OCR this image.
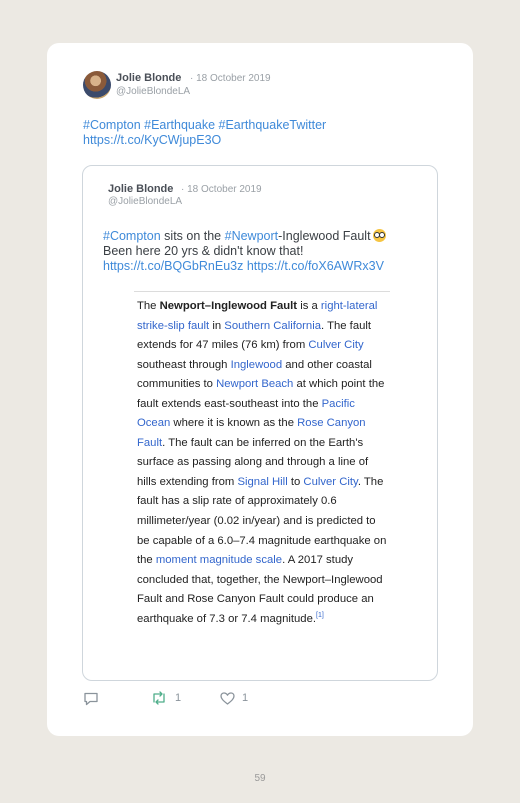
Jolie Blonde · 18 October 2019
@JolieBlondeLA
#Compton #Earthquake #EarthquakeTwitter
https://t.co/KyCWjupE3O
Jolie Blonde · 18 October 2019
@JolieBlondeLA
#Compton sits on the #Newport-Inglewood Fault
Been here 20 yrs & didn't know that!
https://t.co/BQGbRnEu3z https://t.co/foX6AWRx3V
The Newport–Inglewood Fault is a right-lateral strike-slip fault in Southern California. The fault extends for 47 miles (76 km) from Culver City southeast through Inglewood and other coastal communities to Newport Beach at which point the fault extends east-southeast into the Pacific Ocean where it is known as the Rose Canyon Fault. The fault can be inferred on the Earth's surface as passing along and through a line of hills extending from Signal Hill to Culver City. The fault has a slip rate of approximately 0.6 millimeter/year (0.02 in/year) and is predicted to be capable of a 6.0–7.4 magnitude earthquake on the moment magnitude scale. A 2017 study concluded that, together, the Newport–Inglewood Fault and Rose Canyon Fault could produce an earthquake of 7.3 or 7.4 magnitude.[1]
1	1
59
